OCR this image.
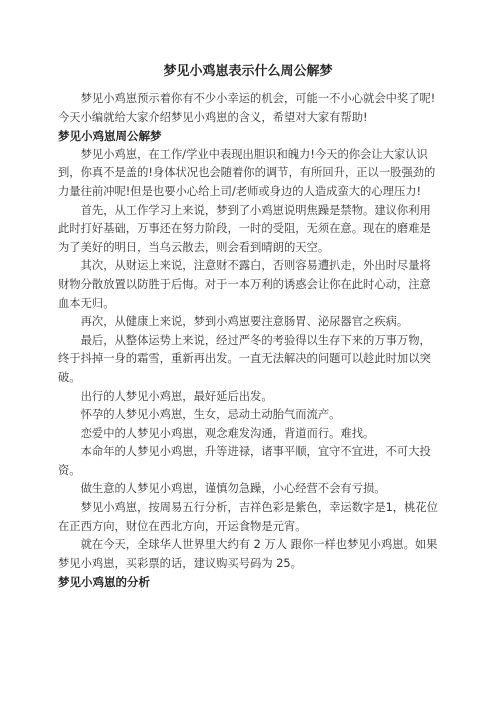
梦见小鸡崽表示什么周公解梦

梦见小鸡崽预示着你有不少小幸运的机会，可能一不小心就会中奖了呢!今天小编就给大家介绍梦见小鸡崽的含义，希望对大家有帮助!

梦见小鸡崽周公解梦

梦见小鸡崽，在工作/学业中表现出胆识和魄力!今天的你会让大家认识到，你真不是盖的!身体状况也会随着你的调节，有所回升，正以一股强劲的力量往前冲呢!但是也要小心给上司/老师或身边的人造成蛮大的心理压力!

首先，从工作学习上来说，梦到了小鸡崽说明焦躁是禁物。建议你利用此时打好基础，万事还在努力阶段，一时的受阻，无须在意。现在的磨难是为了美好的明日，当乌云散去，则会看到晴朗的天空。

其次，从财运上来说，注意财不露白，否则容易遭扒走，外出时尽量将财物分散放置以防胜于后悔。对于一本万利的诱惑会让你在此时心动，注意血本无归。

再次，从健康上来说，梦到小鸡崽要注意肠胃、泌尿器官之疾病。

最后，从整体运势上来说，经过严冬的考验得以生存下来的万事万物，终于抖掉一身的霜雪，重新再出发。一直无法解决的问题可以趁此时加以突破。

出行的人梦见小鸡崽，最好延后出发。

怀孕的人梦见小鸡崽，生女，忌动土动胎气而流产。

恋爱中的人梦见小鸡崽，观念难发沟通，背道而行。难找。

本命年的人梦见小鸡崽，升等进禄，诸事平顺，宜守不宜进，不可大投资。

做生意的人梦见小鸡崽，谨慎勿急躁，小心经营不会有亏损。

梦见小鸡崽，按周易五行分析，吉祥色彩是紫色，幸运数字是1，桃花位在正西方向，财位在西北方向，开运食物是元宵。

就在今天，全球华人世界里大约有 2 万人 跟你一样也梦见小鸡崽。如果梦见小鸡崽，买彩票的话，建议购买号码为 25。

梦见小鸡崽的分析
